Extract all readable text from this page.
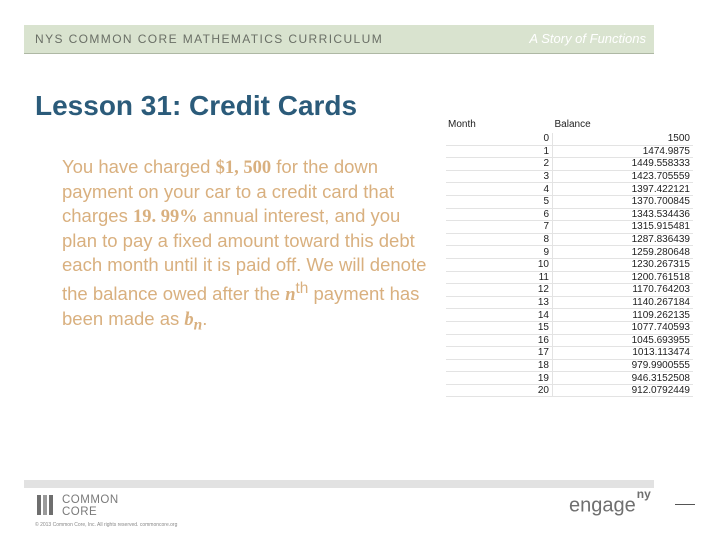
NYS COMMON CORE MATHEMATICS CURRICULUM	A Story of Functions
Lesson 31: Credit Cards
You have charged $1, 500 for the down payment on your car to a credit card that charges 19. 99% annual interest, and you plan to pay a fixed amount toward this debt each month until it is paid off. We will denote the balance owed after the $n^{th}$ payment has been made as $b_n$.
Month	Balance
0	1500
1	1474.9875
2	1449.558333
3	1423.705559
4	1397.422121
5	1370.700845
6	1343.534436
7	1315.915481
8	1287.836439
9	1259.280648
10	1230.267315
11	1200.761518
12	1170.764203
13	1140.267184
14	1109.262135
15	1077.740593
16	1045.693955
17	1013.113474
18	979.9900555
19	946.3152508
20	912.0792449
COMMON
CORE
© 2013 Common Core, Inc. All rights reserved. commoncore.org
engage$^{ny}$
